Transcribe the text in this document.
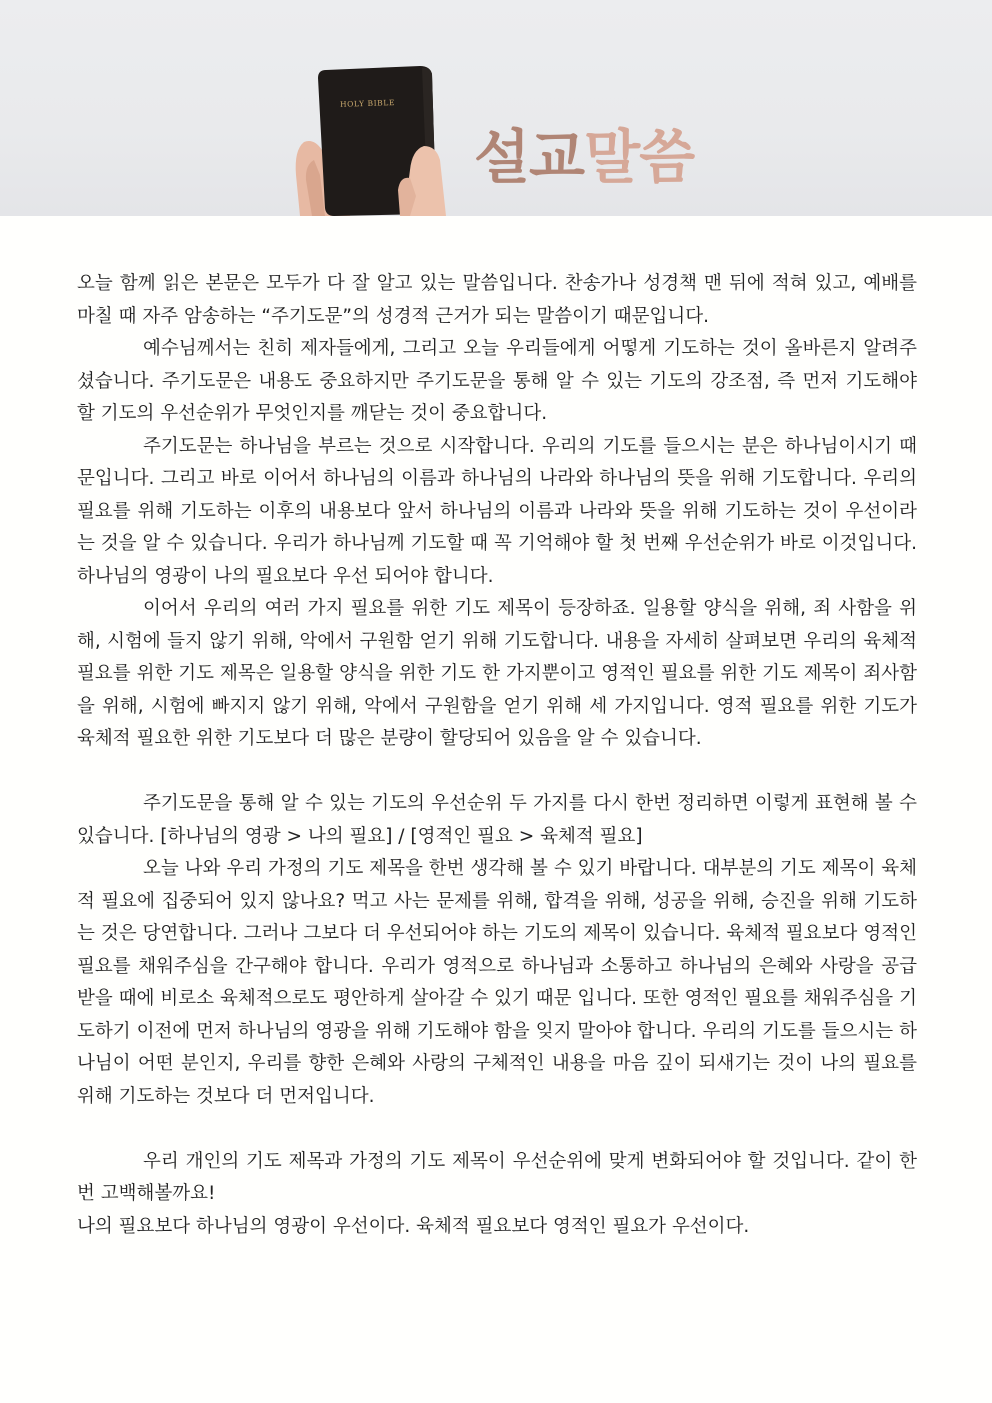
HOLY BIBLE
설교말씀

오늘 함께 읽은 본문은 모두가 다 잘 알고 있는 말씀입니다. 찬송가나 성경책 맨 뒤에 적혀 있고, 예배를 마칠 때 자주 암송하는 “주기도문”의 성경적 근거가 되는 말씀이기 때문입니다.

예수님께서는 친히 제자들에게, 그리고 오늘 우리들에게 어떻게 기도하는 것이 올바른지 알려주셨습니다. 주기도문은 내용도 중요하지만 주기도문을 통해 알 수 있는 기도의 강조점, 즉 먼저 기도해야 할 기도의 우선순위가 무엇인지를 깨닫는 것이 중요합니다.

주기도문는 하나님을 부르는 것으로 시작합니다. 우리의 기도를 들으시는 분은 하나님이시기 때문입니다. 그리고 바로 이어서 하나님의 이름과 하나님의 나라와 하나님의 뜻을 위해 기도합니다. 우리의 필요를 위해 기도하는 이후의 내용보다 앞서 하나님의 이름과 나라와 뜻을 위해 기도하는 것이 우선이라는 것을 알 수 있습니다. 우리가 하나님께 기도할 때 꼭 기억해야 할 첫 번째 우선순위가 바로 이것입니다. 하나님의 영광이 나의 필요보다 우선 되어야 합니다.

이어서 우리의 여러 가지 필요를 위한 기도 제목이 등장하죠. 일용할 양식을 위해, 죄 사함을 위해, 시험에 들지 않기 위해, 악에서 구원함 얻기 위해 기도합니다. 내용을 자세히 살펴보면 우리의 육체적 필요를 위한 기도 제목은 일용할 양식을 위한 기도 한 가지뿐이고 영적인 필요를 위한 기도 제목이 죄사함을 위해, 시험에 빠지지 않기 위해, 악에서 구원함을 얻기 위해 세 가지입니다. 영적 필요를 위한 기도가 육체적 필요한 위한 기도보다 더 많은 분량이 할당되어 있음을 알 수 있습니다.

주기도문을 통해 알 수 있는 기도의 우선순위 두 가지를 다시 한번 정리하면 이렇게 표현해 볼 수 있습니다. [하나님의 영광 > 나의 필요] / [영적인 필요 > 육체적 필요]

오늘 나와 우리 가정의 기도 제목을 한번 생각해 볼 수 있기 바랍니다. 대부분의 기도 제목이 육체적 필요에 집중되어 있지 않나요? 먹고 사는 문제를 위해, 합격을 위해, 성공을 위해, 승진을 위해 기도하는 것은 당연합니다. 그러나 그보다 더 우선되어야 하는 기도의 제목이 있습니다. 육체적 필요보다 영적인 필요를 채워주심을 간구해야 합니다. 우리가 영적으로 하나님과 소통하고 하나님의 은혜와 사랑을 공급 받을 때에 비로소 육체적으로도 평안하게 살아갈 수 있기 때문 입니다. 또한 영적인 필요를 채워주심을 기도하기 이전에 먼저 하나님의 영광을 위해 기도해야 함을 잊지 말아야 합니다. 우리의 기도를 들으시는 하나님이 어떤 분인지, 우리를 향한 은혜와 사랑의 구체적인 내용을 마음 깊이 되새기는 것이 나의 필요를 위해 기도하는 것보다 더 먼저입니다.

우리 개인의 기도 제목과 가정의 기도 제목이 우선순위에 맞게 변화되어야 할 것입니다. 같이 한번 고백해볼까요!

나의 필요보다 하나님의 영광이 우선이다. 육체적 필요보다 영적인 필요가 우선이다.
